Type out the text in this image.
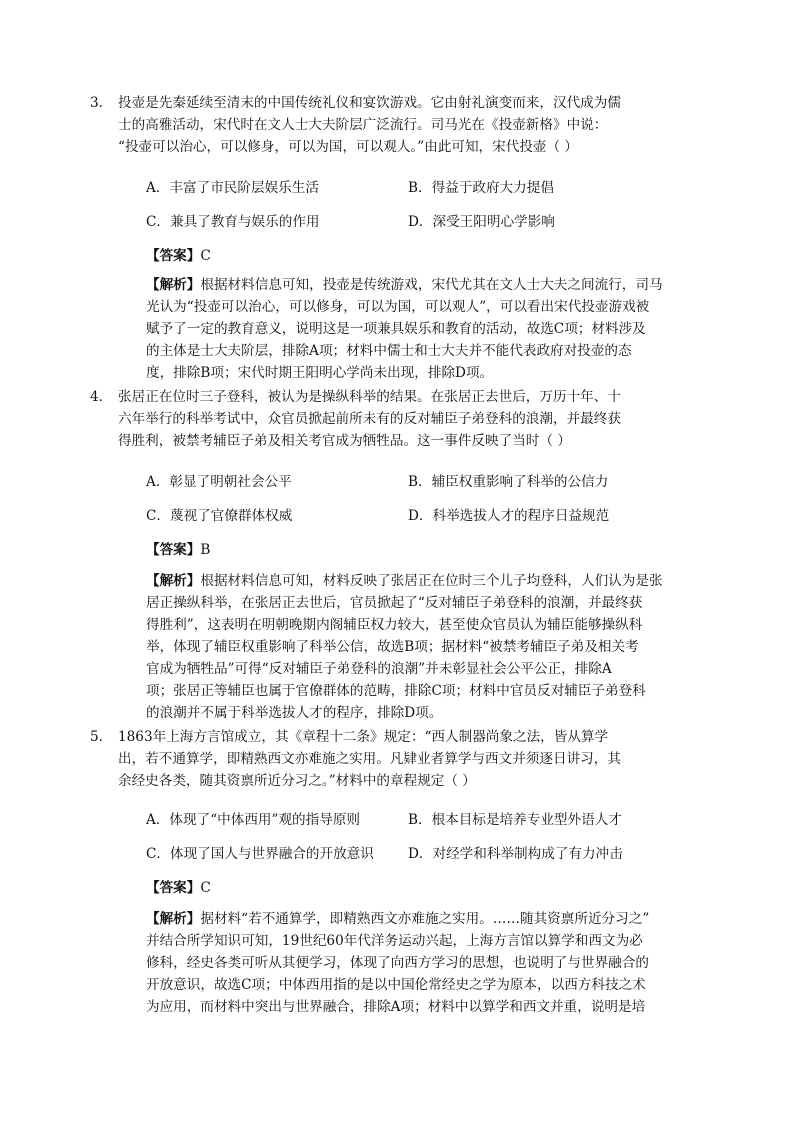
3． 投壶是先秦延续至清末的中国传统礼仪和宴饮游戏。它由射礼演变而来，汉代成为儒
士的高雅活动，宋代时在文人士大夫阶层广泛流行。司马光在《投壶新格》中说：
“投壶可以治心，可以修身，可以为国，可以观人。”由此可知，宋代投壶（ ）
A．丰富了市民阶层娱乐生活	B．得益于政府大力提倡
C．兼具了教育与娱乐的作用	D．深受王阳明心学影响
【答案】C
【解析】根据材料信息可知，投壶是传统游戏，宋代尤其在文人士大夫之间流行，司马
光认为“投壶可以治心，可以修身，可以为国，可以观人”，可以看出宋代投壶游戏被
赋予了一定的教育意义，说明这是一项兼具娱乐和教育的活动，故选C项；材料涉及
的主体是士大夫阶层，排除A项；材料中儒士和士大夫并不能代表政府对投壶的态
度，排除B项；宋代时期王阳明心学尚未出现，排除D项。
4． 张居正在位时三子登科，被认为是操纵科举的结果。在张居正去世后，万历十年、十
六年举行的科举考试中，众官员掀起前所未有的反对辅臣子弟登科的浪潮，并最终获
得胜利，被禁考辅臣子弟及相关考官成为牺牲品。这一事件反映了当时（ ）
A．彰显了明朝社会公平	B．辅臣权重影响了科举的公信力
C．蔑视了官僚群体权威	D．科举选拔人才的程序日益规范
【答案】B
【解析】根据材料信息可知，材料反映了张居正在位时三个儿子均登科，人们认为是张
居正操纵科举，在张居正去世后，官员掀起了“反对辅臣子弟登科的浪潮，并最终获
得胜利”，这表明在明朝晚期内阁辅臣权力较大，甚至使众官员认为辅臣能够操纵科
举，体现了辅臣权重影响了科举公信，故选B项；据材料“被禁考辅臣子弟及相关考
官成为牺牲品”可得“反对辅臣子弟登科的浪潮”并未彰显社会公平公正，排除A
项；张居正等辅臣也属于官僚群体的范畴，排除C项；材料中官员反对辅臣子弟登科
的浪潮并不属于科举选拔人才的程序，排除D项。
5． 1863年上海方言馆成立，其《章程十二条》规定：“西人制器尚象之法，皆从算学
出，若不通算学，即精熟西文亦难施之实用。凡肄业者算学与西文并须逐日讲习，其
余经史各类，随其资禀所近分习之。”材料中的章程规定（ ）
A．体现了“中体西用”观的指导原则	B．根本目标是培养专业型外语人才
C．体现了国人与世界融合的开放意识	D．对经学和科举制构成了有力冲击
【答案】C
【解析】据材料“若不通算学，即精熟西文亦难施之实用。……随其资禀所近分习之”
并结合所学知识可知，19世纪60年代洋务运动兴起，上海方言馆以算学和西文为必
修科，经史各类可听从其便学习，体现了向西方学习的思想，也说明了与世界融合的
开放意识，故选C项；中体西用指的是以中国伦常经史之学为原本，以西方科技之术
为应用，而材料中突出与世界融合，排除A项；材料中以算学和西文并重，说明是培
